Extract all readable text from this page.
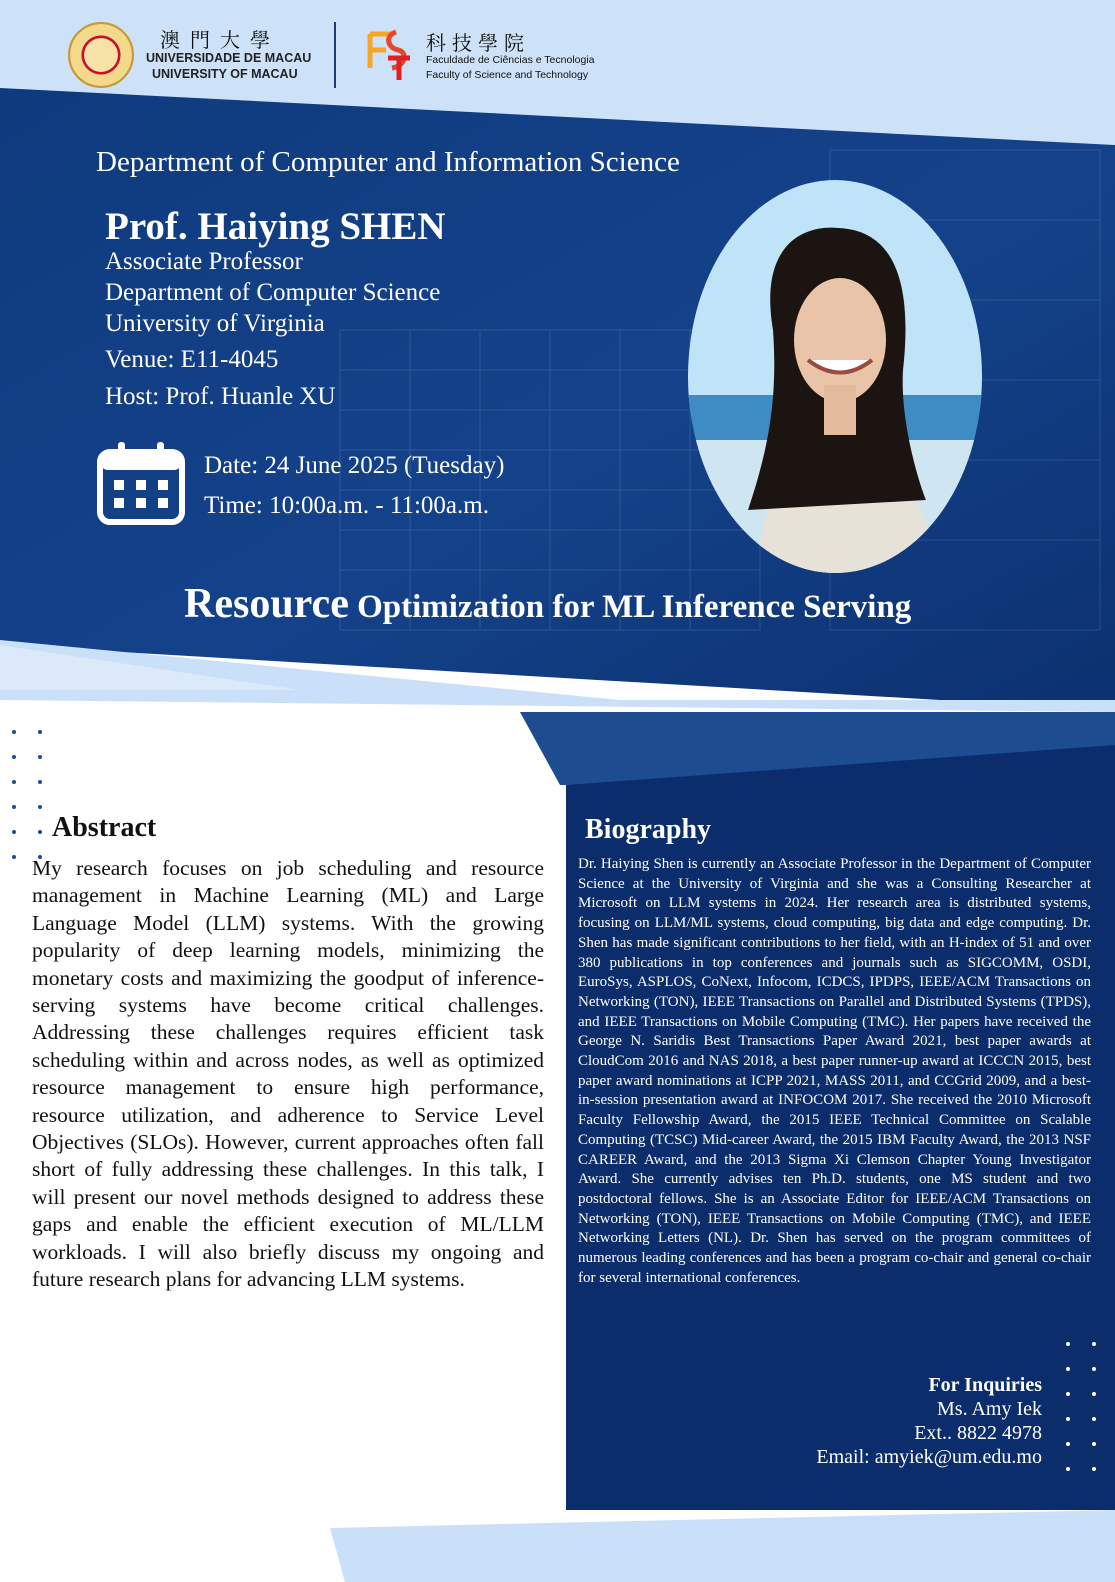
澳門大學
UNIVERSIDADE DE MACAU
UNIVERSITY OF MACAU
科技學院
Faculdade de Ciências e Tecnologia
Faculty of Science and Technology
Department of Computer and Information Science
Prof. Haiying SHEN
Associate Professor
Department of Computer Science
University of Virginia
Venue: E11-4045
Host: Prof. Huanle XU
Date: 24 June 2025 (Tuesday)
Time: 10:00a.m. - 11:00a.m.
Resource Optimization for ML Inference Serving
Abstract
My research focuses on job scheduling and resource management in Machine Learning (ML) and Large Language Model (LLM) systems. With the growing popularity of deep learning models, minimizing the monetary costs and maximizing the goodput of inference-serving systems have become critical challenges. Addressing these challenges requires efficient task scheduling within and across nodes, as well as optimized resource management to ensure high performance, resource utilization, and adherence to Service Level Objectives (SLOs). However, current approaches often fall short of fully addressing these challenges. In this talk, I will present our novel methods designed to address these gaps and enable the efficient execution of ML/LLM workloads. I will also briefly discuss my ongoing and future research plans for advancing LLM systems.
Biography
Dr. Haiying Shen is currently an Associate Professor in the Department of Computer Science at the University of Virginia and she was a Consulting Researcher at Microsoft on LLM systems in 2024. Her research area is distributed systems, focusing on LLM/ML systems, cloud computing, big data and edge computing. Dr. Shen has made significant contributions to her field, with an H-index of 51 and over 380 publications in top conferences and journals such as SIGCOMM, OSDI, EuroSys, ASPLOS, CoNext, Infocom, ICDCS, IPDPS, IEEE/ACM Transactions on Networking (TON), IEEE Transactions on Parallel and Distributed Systems (TPDS), and IEEE Transactions on Mobile Computing (TMC). Her papers have received the George N. Saridis Best Transactions Paper Award 2021, best paper awards at CloudCom 2016 and NAS 2018, a best paper runner-up award at ICCCN 2015, best paper award nominations at ICPP 2021, MASS 2011, and CCGrid 2009, and a best-in-session presentation award at INFOCOM 2017. She received the 2010 Microsoft Faculty Fellowship Award, the 2015 IEEE Technical Committee on Scalable Computing (TCSC) Mid-career Award, the 2015 IBM Faculty Award, the 2013 NSF CAREER Award, and the 2013 Sigma Xi Clemson Chapter Young Investigator Award. She currently advises ten Ph.D. students, one MS student and two postdoctoral fellows. She is an Associate Editor for IEEE/ACM Transactions on Networking (TON), IEEE Transactions on Mobile Computing (TMC), and IEEE Networking Letters (NL). Dr. Shen has served on the program committees of numerous leading conferences and has been a program co-chair and general co-chair for several international conferences.
For Inquiries
Ms. Amy Iek
Ext.. 8822 4978
Email: amyiek@um.edu.mo
